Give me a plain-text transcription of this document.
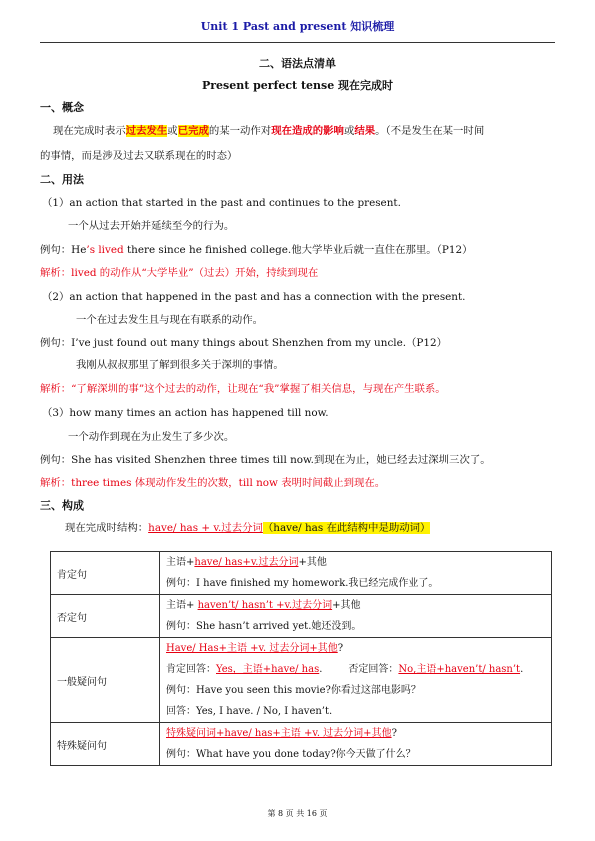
Unit 1 Past and present 知识梳理
二、语法点清单
Present perfect tense 现在完成时
一、概念
现在完成时表示过去发生或已完成的某一动作对现在造成的影响或结果。（不是发生在某一时间
的事情，而是涉及过去又联系现在的时态）
二、用法
（1）an action that started in the past and continues to the present.
一个从过去开始并延续至今的行为。
例句：He’s lived there since he finished college.他大学毕业后就一直住在那里。（P12）
解析：lived 的动作从“大学毕业”（过去）开始，持续到现在
（2）an action that happened in the past and has a connection with the present.
一个在过去发生且与现在有联系的动作。
例句：I’ve just found out many things about Shenzhen from my uncle.（P12）
我刚从叔叔那里了解到很多关于深圳的事情。
解析：“了解深圳的事”这个过去的动作，让现在“我”掌握了相关信息，与现在产生联系。
（3）how many times an action has happened till now.
一个动作到现在为止发生了多少次。
例句：She has visited Shenzhen three times till now.到现在为止，她已经去过深圳三次了。
解析：three times 体现动作发生的次数，till now 表明时间截止到现在。
三、构成
现在完成时结构：have/ has + v.过去分词（have/ has 在此结构中是助动词）
肯定句	主语+have/ has+v.过去分词+其他
例句：I have finished my homework.我已经完成作业了。

否定句	主语+ haven’t/ hasn’t +v.过去分词+其他
例句：She hasn’t arrived yet.她还没到。

一般疑问句	Have/ Has+主语 +v. 过去分词+其他?
肯定回答：Yes，主语+have/ has. 否定回答：No,主语+haven’t/ hasn’t.
例句：Have you seen this movie?你看过这部电影吗？
回答：Yes, I have. / No, I haven’t.

特殊疑问句	特殊疑问词+have/ has+主语 +v. 过去分词+其他?
例句：What have you done today?你今天做了什么？
第 8 页 共 16 页
